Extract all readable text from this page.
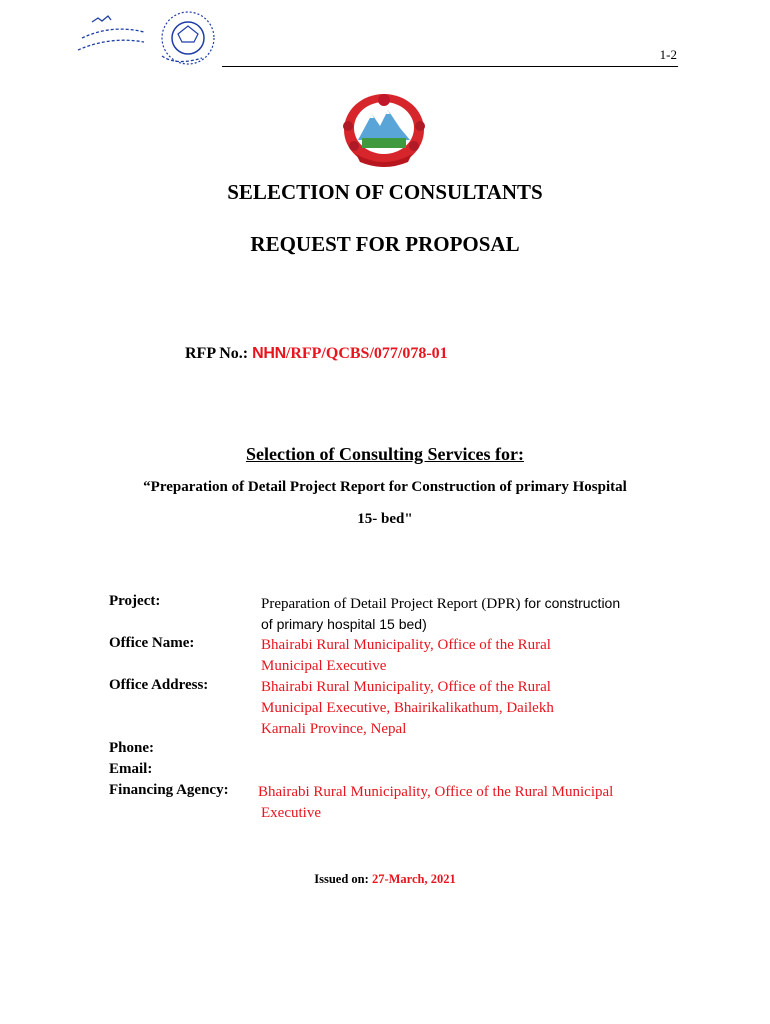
1-2
SELECTION OF CONSULTANTS
REQUEST FOR PROPOSAL
RFP No.: NHN/RFP/QCBS/077/078-01
Selection of Consulting Services for:
“Preparation of Detail Project Report for Construction of primary Hospital
15- bed"
Project:	Preparation of Detail Project Report (DPR) for construction
of primary hospital 15 bed)
Office Name:	Bhairabi Rural Municipality, Office of the Rural
Municipal Executive
Office Address:	Bhairabi Rural Municipality, Office of the Rural
Municipal Executive, Bhairikalikathum, Dailekh
Karnali Province, Nepal
Phone:
Email:
Financing Agency: Bhairabi Rural Municipality, Office of the Rural Municipal
Executive
Issued on: 27-March, 2021
